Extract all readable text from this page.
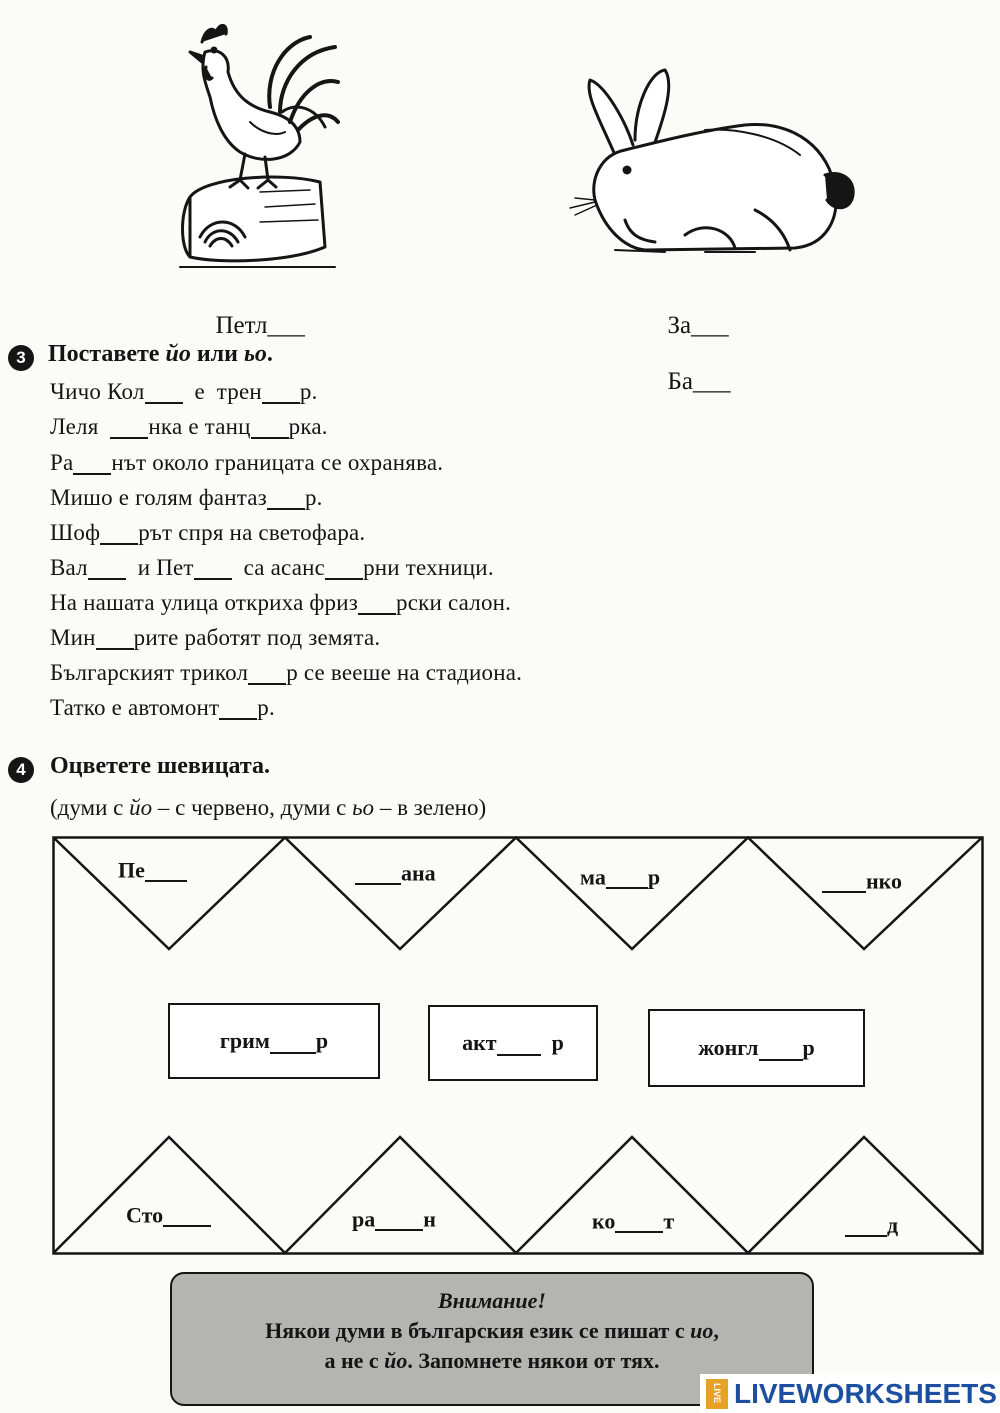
Петл___	За___

Ба___

3 Поставете йо или ьо.
Чичо Кол  е  трен р.
Леля  нка е танц рка.
Ра нът около границата се охранява.
Мишо е голям фантаз р.
Шоф рът спря на светофара.
Вал  и Пет  са асанс рни техници.
На нашата улица откриха фриз рски салон.
Мин рите работят под земята.
Българският трикол р се вееше на стадиона.
Татко е автомонт р.
4	Оцветете шевицата.
(думи с йо – с червено, думи с ьо – в зелено)
Пе	ана	ма р	нко
грим р	акт р	жонгл р
Сто	ра н	ко т	д
Внимание!
Някои думи в българския език се пишат с ио,
а не с йо. Запомнете някои от тях.
LIVE LIVEWORKSHEETS
